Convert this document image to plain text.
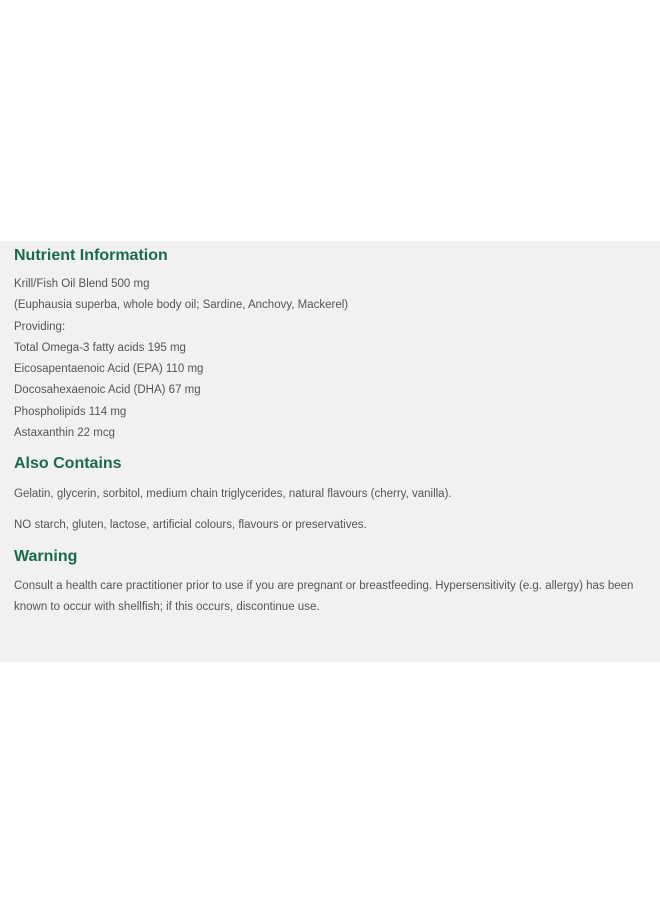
Nutrient Information
Krill/Fish Oil Blend 500 mg
(Euphausia superba, whole body oil; Sardine, Anchovy, Mackerel)
Providing:
Total Omega-3 fatty acids 195 mg
Eicosapentaenoic Acid (EPA) 110 mg
Docosahexaenoic Acid (DHA) 67 mg
Phospholipids 114 mg
Astaxanthin 22 mcg
Also Contains

Gelatin, glycerin, sorbitol, medium chain triglycerides, natural flavours (cherry, vanilla).

NO starch, gluten, lactose, artificial colours, flavours or preservatives.

Warning

Consult a health care practitioner prior to use if you are pregnant or breastfeeding. Hypersensitivity (e.g. allergy) has been known to occur with shellfish; if this occurs, discontinue use.
